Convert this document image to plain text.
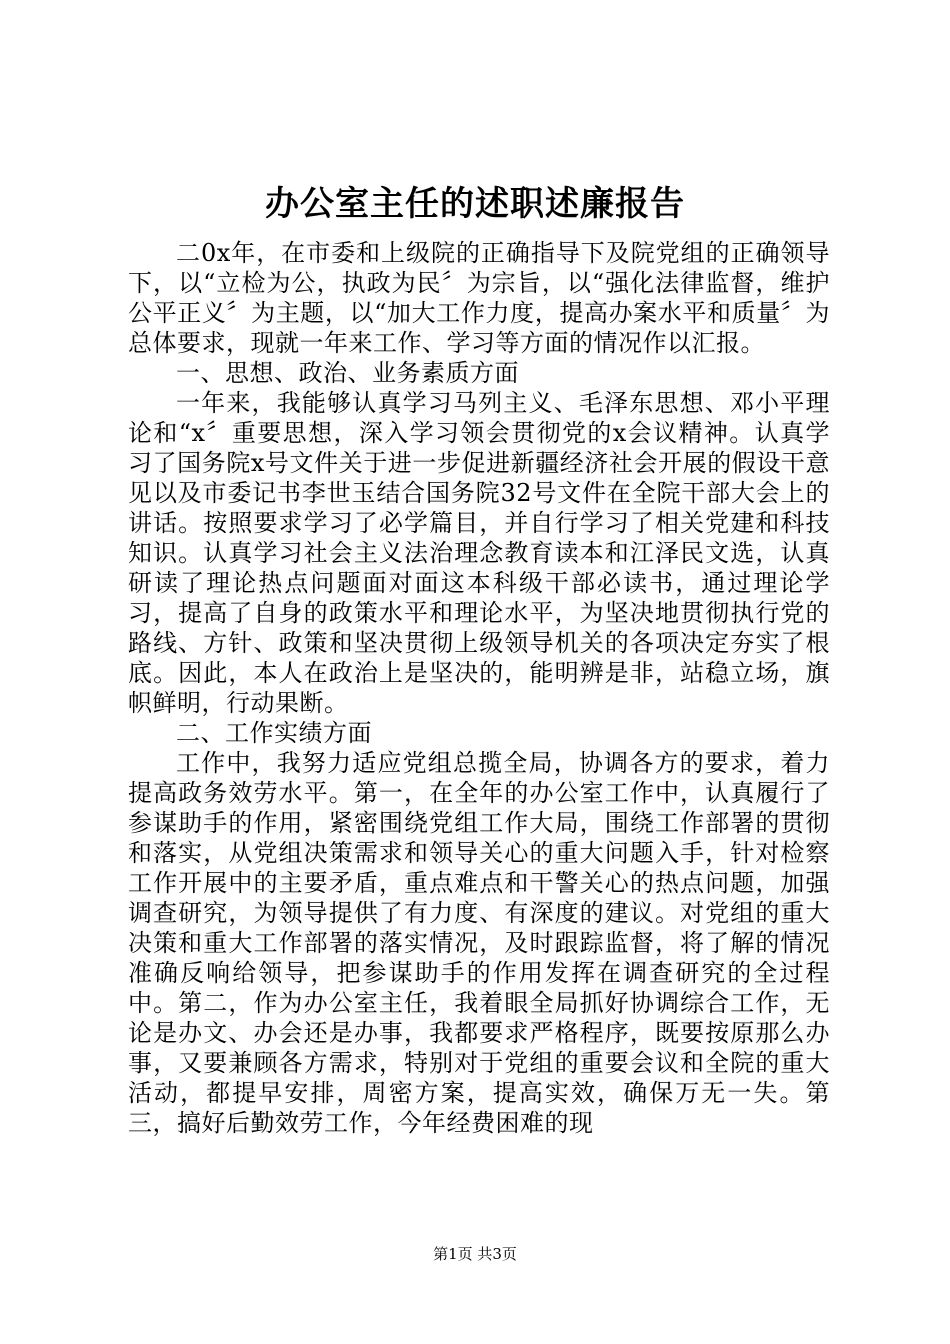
办公室主任的述职述廉报告

二0x年，在市委和上级院的正确指导下及院党组的正确领导下，以“立检为公，执政为民〞为宗旨，以“强化法律监督，维护公平正义〞为主题，以“加大工作力度，提高办案水平和质量〞为总体要求，现就一年来工作、学习等方面的情况作以汇报。

一、思想、政治、业务素质方面

一年来，我能够认真学习马列主义、毛泽东思想、邓小平理论和“x〞重要思想，深入学习领会贯彻党的x会议精神。认真学习了国务院x号文件关于进一步促进新疆经济社会开展的假设干意见以及市委记书李世玉结合国务院32号文件在全院干部大会上的讲话。按照要求学习了必学篇目，并自行学习了相关党建和科技知识。认真学习社会主义法治理念教育读本和江泽民文选，认真研读了理论热点问题面对面这本科级干部必读书，通过理论学习，提高了自身的政策水平和理论水平，为坚决地贯彻执行党的路线、方针、政策和坚决贯彻上级领导机关的各项决定夯实了根底。因此，本人在政治上是坚决的，能明辨是非，站稳立场，旗帜鲜明，行动果断。

二、工作实绩方面

工作中，我努力适应党组总揽全局，协调各方的要求，着力提高政务效劳水平。第一，在全年的办公室工作中，认真履行了参谋助手的作用，紧密围绕党组工作大局，围绕工作部署的贯彻和落实，从党组决策需求和领导关心的重大问题入手，针对检察工作开展中的主要矛盾，重点难点和干警关心的热点问题，加强调查研究，为领导提供了有力度、有深度的建议。对党组的重大决策和重大工作部署的落实情况，及时跟踪监督，将了解的情况准确反响给领导，把参谋助手的作用发挥在调查研究的全过程中。第二，作为办公室主任，我着眼全局抓好协调综合工作，无论是办文、办会还是办事，我都要求严格程序，既要按原那么办事，又要兼顾各方需求，特别对于党组的重要会议和全院的重大活动，都提早安排，周密方案，提高实效，确保万无一失。第三，搞好后勤效劳工作，今年经费困难的现

第1页 共3页
